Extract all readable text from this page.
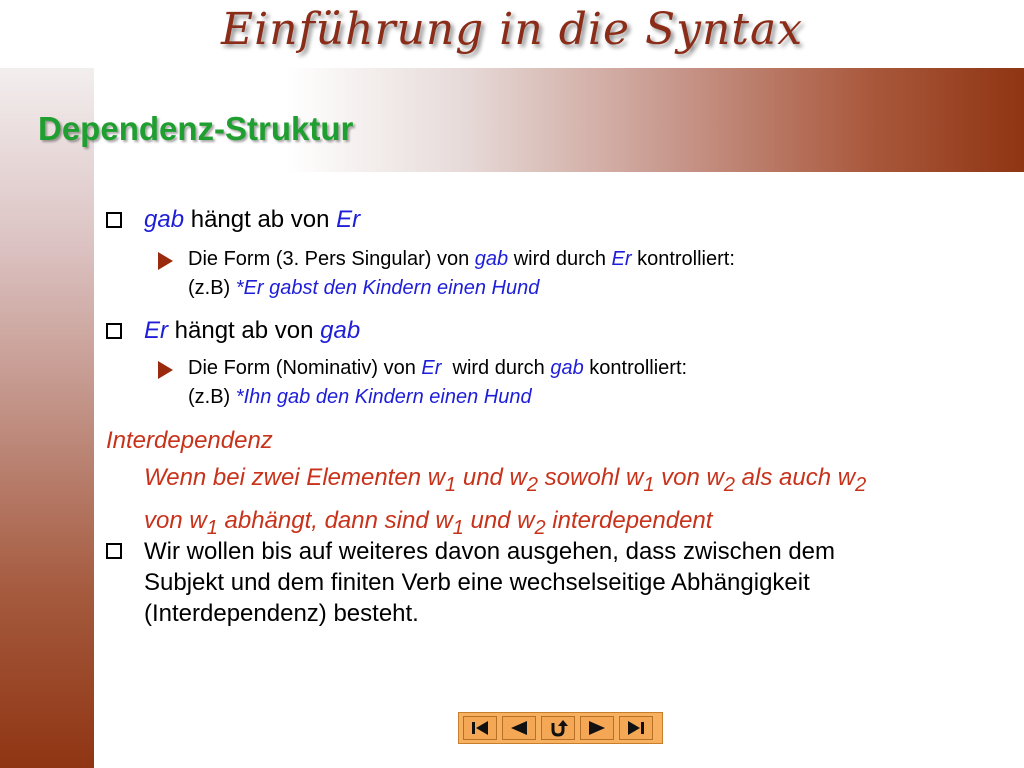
Einführung in die Syntax
Dependenz-Struktur
gab hängt ab von Er
Die Form (3. Pers Singular) von gab wird durch Er kontrolliert:
(z.B) *Er gabst den Kindern einen Hund
Er hängt ab von gab
Die Form (Nominativ) von Er  wird durch gab kontrolliert:
(z.B) *Ihn gab den Kindern einen Hund
Interdependenz
Wenn bei zwei Elementen $w_1$ und $w_2$ sowohl $w_1$ von $w_2$ als auch $w_2$
von $w_1$ abhängt, dann sind $w_1$ und $w_2$ interdependent
Wir wollen bis auf weiteres davon ausgehen, dass zwischen dem
Subjekt und dem finiten Verb eine wechselseitige Abhängigkeit
(Interdependenz) besteht.
